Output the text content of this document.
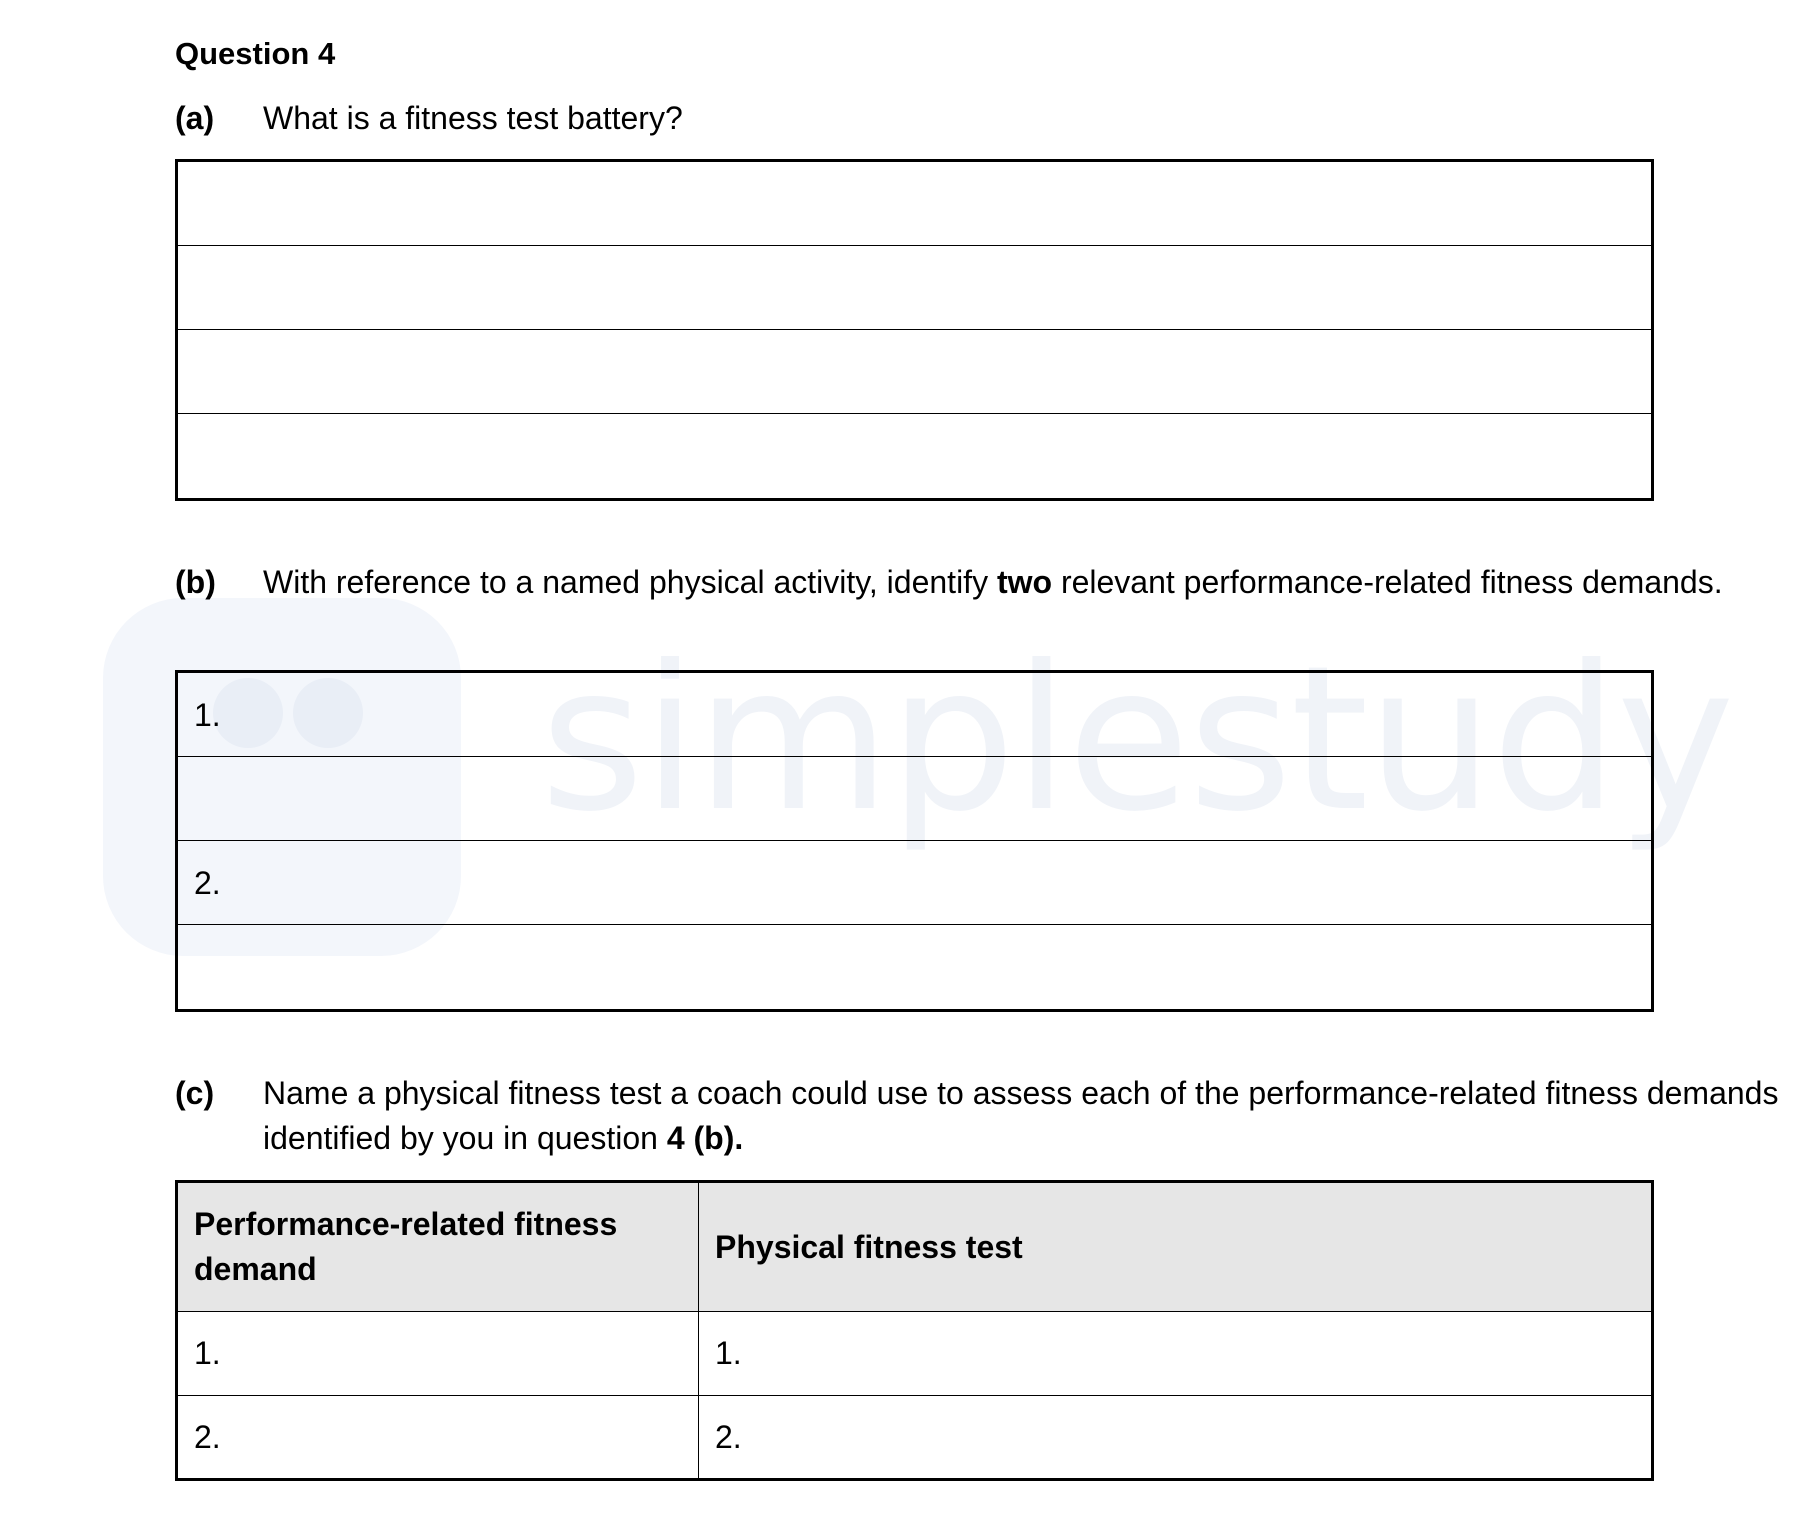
simplestudy
Question 4
(a) What is a fitness test battery?
(b) With reference to a named physical activity, identify two relevant performance-related fitness demands.
1.
2.
(c) Name a physical fitness test a coach could use to assess each of the performance-related fitness demands identified by you in question 4 (b).
Performance-related fitness demand	Physical fitness test
1.	1.
2.	2.
